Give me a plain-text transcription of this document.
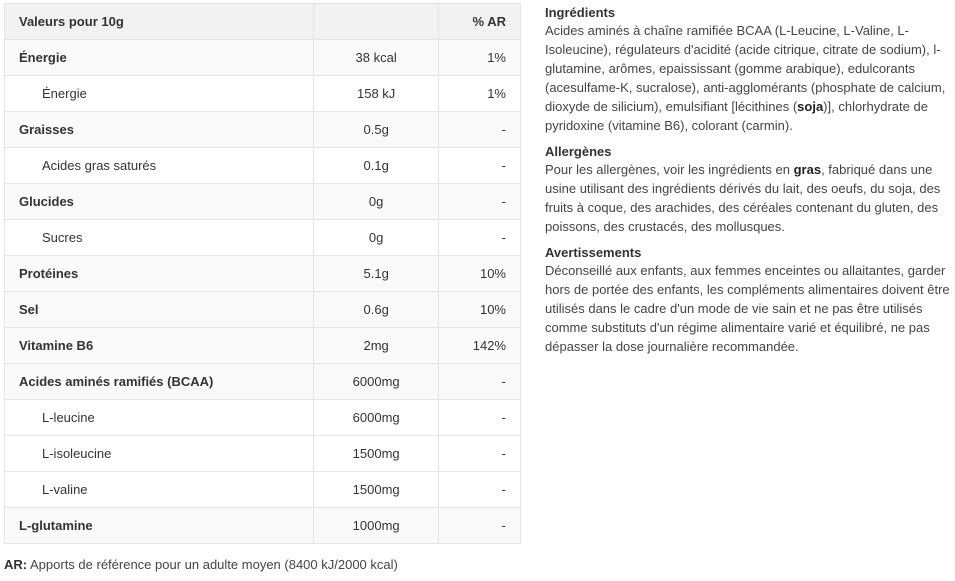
Valeurs pour 10g		% AR
Énergie	38 kcal	1%
Énergie	158 kJ	1%
Graisses	0.5g	-
Acides gras saturés	0.1g	-
Glucides	0g	-
Sucres	0g	-
Protéines	5.1g	10%
Sel	0.6g	10%
Vitamine B6	2mg	142%
Acides aminés ramifiés (BCAA)	6000mg	-
L-leucine	6000mg	-
L-isoleucine	1500mg	-
L-valine	1500mg	-
L-glutamine	1000mg	-
AR: Apports de référence pour un adulte moyen (8400 kJ/2000 kcal)
Ingrédients

Acides aminés à chaîne ramifiée BCAA (L-Leucine, L-Valine, L-Isoleucine), régulateurs d'acidité (acide citrique, citrate de sodium), l-glutamine, arômes, epaississant (gomme arabique), edulcorants (acesulfame-K, sucralose), anti-agglomérants (phosphate de calcium, dioxyde de silicium), emulsifiant [lécithines (soja)], chlorhydrate de pyridoxine (vitamine B6), colorant (carmin).

Allergènes

Pour les allergènes, voir les ingrédients en gras, fabriqué dans une usine utilisant des ingrédients dérivés du lait, des oeufs, du soja, des fruits à coque, des arachides, des céréales contenant du gluten, des poissons, des crustacés, des mollusques.

Avertissements

Déconseillé aux enfants, aux femmes enceintes ou allaitantes, garder hors de portée des enfants, les compléments alimentaires doivent être utilisés dans le cadre d'un mode de vie sain et ne pas être utilisés comme substituts d'un régime alimentaire varié et équilibré, ne pas dépasser la dose journalière recommandée.
